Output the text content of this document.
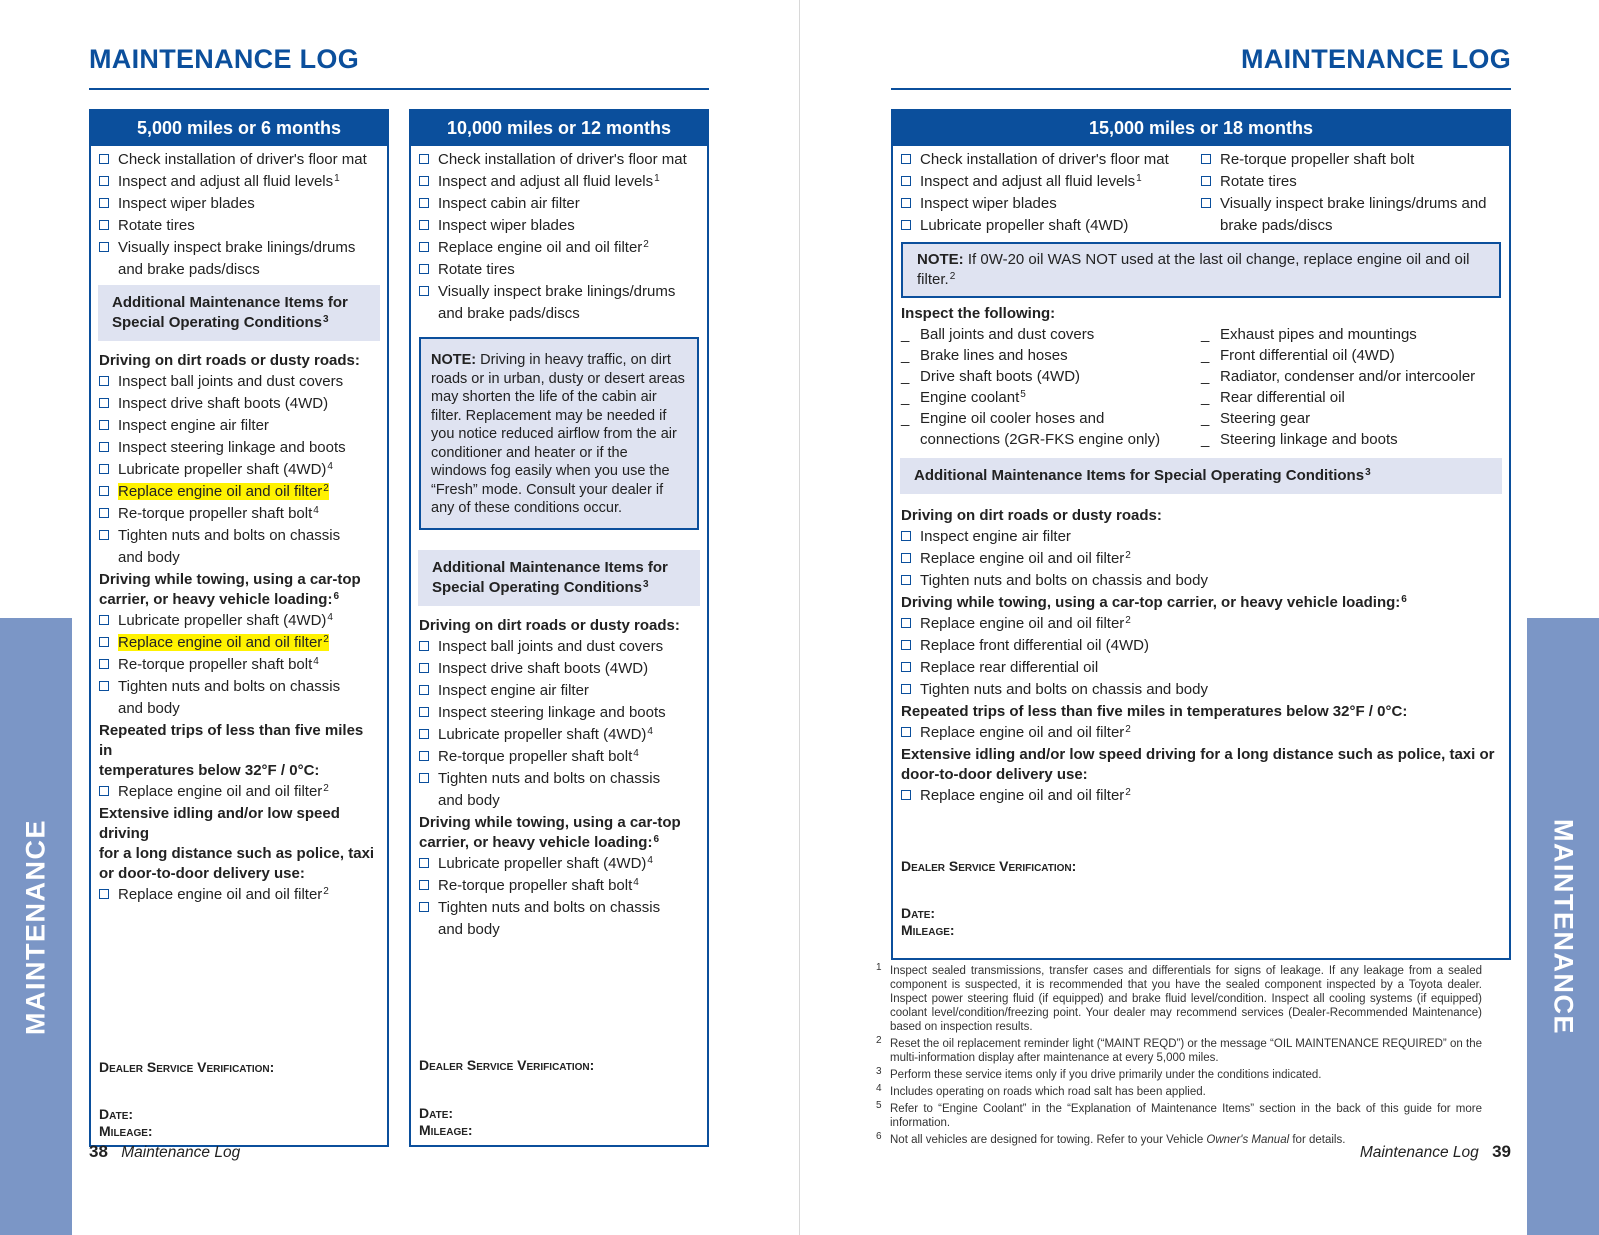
MAINTENANCE LOG
MAINTENANCE
5,000 miles or 6 months
Check installation of driver's floor mat
Inspect and adjust all fluid levels$^1$
Inspect wiper blades
Rotate tires
Visually inspect brake linings/drums
and brake pads/discs
Additional Maintenance Items for
Special Operating Conditions$^3$
Driving on dirt roads or dusty roads:
Inspect ball joints and dust covers
Inspect drive shaft boots (4WD)
Inspect engine air filter
Inspect steering linkage and boots
Lubricate propeller shaft $(4WD)^4$
Replace engine oil and oil filter$^2$
Re-torque propeller shaft bolt$^4$
Tighten nuts and bolts on chassis
and body
Driving while towing, using a car-top
carrier, or heavy vehicle loading:$^6$
Lubricate propeller shaft $(4WD)^4$
Replace engine oil and oil filter$^2$
Re-torque propeller shaft bolt$^4$
Tighten nuts and bolts on chassis
and body
Repeated trips of less than five miles in
temperatures below 32°F / 0°C:
Replace engine oil and oil filter$^2$
Extensive idling and/or low speed driving
for a long distance such as police, taxi
or door-to-door delivery use:
Replace engine oil and oil filter$^2$
Dealer Service Verification:
Date:
Mileage:
10,000 miles or 12 months
Check installation of driver's floor mat
Inspect and adjust all fluid levels$^1$
Inspect cabin air filter
Inspect wiper blades
Replace engine oil and oil filter$^2$
Rotate tires
Visually inspect brake linings/drums
and brake pads/discs
NOTE: Driving in heavy traffic, on dirt roads or in urban, dusty or desert areas may shorten the life of the cabin air filter. Replacement may be needed if you notice reduced airflow from the air conditioner and heater or if the windows fog easily when you use the “Fresh” mode. Consult your dealer if any of these conditions occur.
Additional Maintenance Items for
Special Operating Conditions$^3$
Driving on dirt roads or dusty roads:
Inspect ball joints and dust covers
Inspect drive shaft boots (4WD)
Inspect engine air filter
Inspect steering linkage and boots
Lubricate propeller shaft $(4WD)^4$
Re-torque propeller shaft bolt$^4$
Tighten nuts and bolts on chassis
and body
Driving while towing, using a car-top
carrier, or heavy vehicle loading:$^6$
Lubricate propeller shaft $(4WD)^4$
Re-torque propeller shaft bolt$^4$
Tighten nuts and bolts on chassis
and body
Dealer Service Verification:
Date:
Mileage:
38 Maintenance Log
MAINTENANCE LOG
MAINTENANCE
15,000 miles or 18 months
Check installation of driver's floor mat
Inspect and adjust all fluid levels$^1$
Inspect wiper blades
Lubricate propeller shaft (4WD)
Re-torque propeller shaft bolt
Rotate tires
Visually inspect brake linings/drums and
brake pads/discs
NOTE: If 0W-20 oil WAS NOT used at the last oil change, replace engine oil and oil filter.$^2$
Inspect the following:
_ Ball joints and dust covers
_ Brake lines and hoses
_ Drive shaft boots (4WD)
_ Engine coolant$^5$
_ Engine oil cooler hoses and
connections (2GR-FKS engine only)
_ Exhaust pipes and mountings
_ Front differential oil (4WD)
_ Radiator, condenser and/or intercooler
_ Rear differential oil
_ Steering gear
_ Steering linkage and boots
Additional Maintenance Items for Special Operating Conditions$^3$
Driving on dirt roads or dusty roads:
Inspect engine air filter
Replace engine oil and oil filter$^2$
Tighten nuts and bolts on chassis and body
Driving while towing, using a car-top carrier, or heavy vehicle loading:$^6$
Replace engine oil and oil filter$^2$
Replace front differential oil (4WD)
Replace rear differential oil
Tighten nuts and bolts on chassis and body
Repeated trips of less than five miles in temperatures below 32°F / 0°C:
Replace engine oil and oil filter$^2$
Extensive idling and/or low speed driving for a long distance such as police, taxi or
door-to-door delivery use:
Replace engine oil and oil filter$^2$
Dealer Service Verification:
Date:
Mileage:
1 Inspect sealed transmissions, transfer cases and differentials for signs of leakage. If any leakage from a sealed component is suspected, it is recommended that you have the sealed component inspected by a Toyota dealer. Inspect power steering fluid (if equipped) and brake fluid level/condition. Inspect all cooling systems (if equipped) coolant level/condition/freezing point. Your dealer may recommend services (Dealer-Recommended Maintenance) based on inspection results.
2 Reset the oil replacement reminder light (“MAINT REQD”) or the message “OIL MAINTENANCE REQUIRED” on the multi-information display after maintenance at every 5,000 miles.
3 Perform these service items only if you drive primarily under the conditions indicated.
4 Includes operating on roads which road salt has been applied.
5 Refer to “Engine Coolant” in the “Explanation of Maintenance Items” section in the back of this guide for more information.
6 Not all vehicles are designed for towing. Refer to your Vehicle Owner's Manual for details.
Maintenance Log 39
